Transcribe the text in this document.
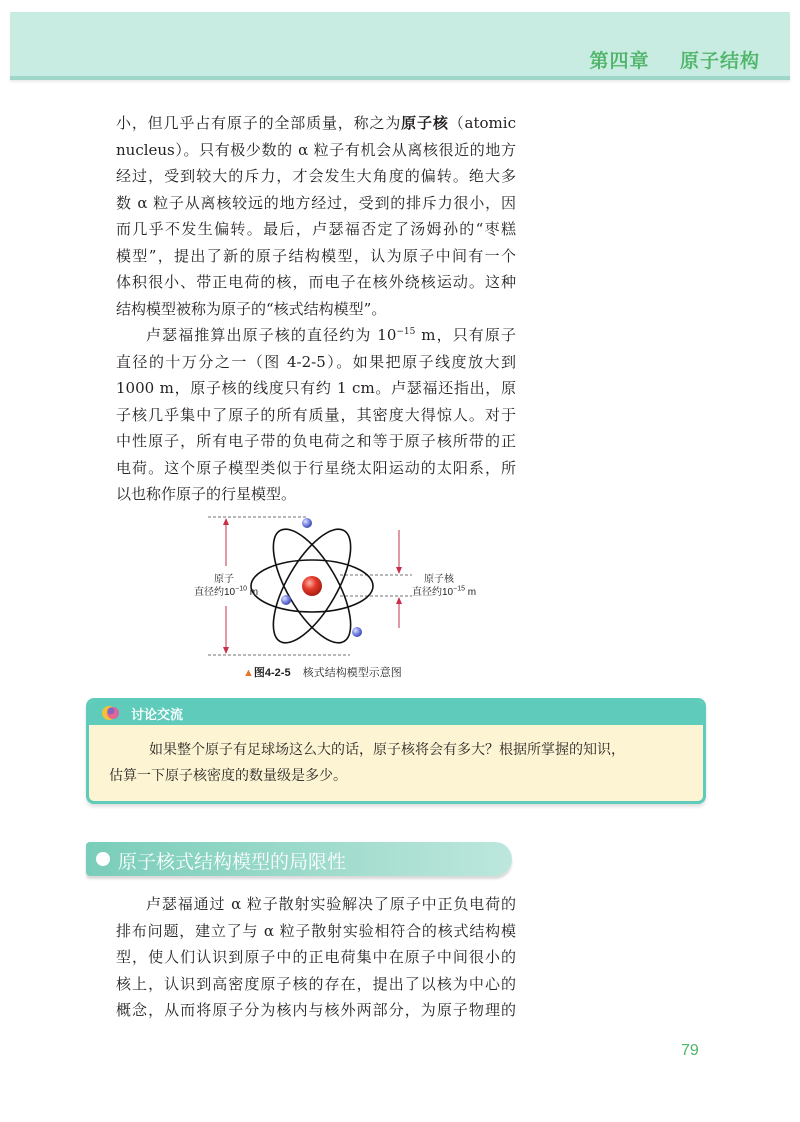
第四章    原子结构
小，但几乎占有原子的全部质量，称之为原子核（atomic
nucleus）。只有极少数的 α 粒子有机会从离核很近的地方
经过，受到较大的斥力，才会发生大角度的偏转。绝大多
数 α 粒子从离核较远的地方经过，受到的排斥力很小，因
而几乎不发生偏转。最后，卢瑟福否定了汤姆孙的“枣糕
模型”，提出了新的原子结构模型，认为原子中间有一个
体积很小、带正电荷的核，而电子在核外绕核运动。这种
结构模型被称为原子的“核式结构模型”。
卢瑟福推算出原子核的直径约为 $10^{-15}$ m，只有原子
直径的十万分之一（图 4-2-5）。如果把原子线度放大到
1000 m，原子核的线度只有约 1 cm。卢瑟福还指出，原
子核几乎集中了原子的所有质量，其密度大得惊人。对于
中性原子，所有电子带的负电荷之和等于原子核所带的正
电荷。这个原子模型类似于行星绕太阳运动的太阳系，所
以也称作原子的行星模型。
原子
直径约$10^{-10}$ m
原子核
直径约$10^{-15}$ m
▲图4-2-5    核式结构模型示意图
讨论交流
如果整个原子有足球场这么大的话，原子核将会有多大？根据所掌握的知识，
估算一下原子核密度的数量级是多少。
原子核式结构模型的局限性
卢瑟福通过 α 粒子散射实验解决了原子中正负电荷的
排布问题，建立了与 α 粒子散射实验相符合的核式结构模
型，使人们认识到原子中的正电荷集中在原子中间很小的
核上，认识到高密度原子核的存在，提出了以核为中心的
概念，从而将原子分为核内与核外两部分，为原子物理的
79
